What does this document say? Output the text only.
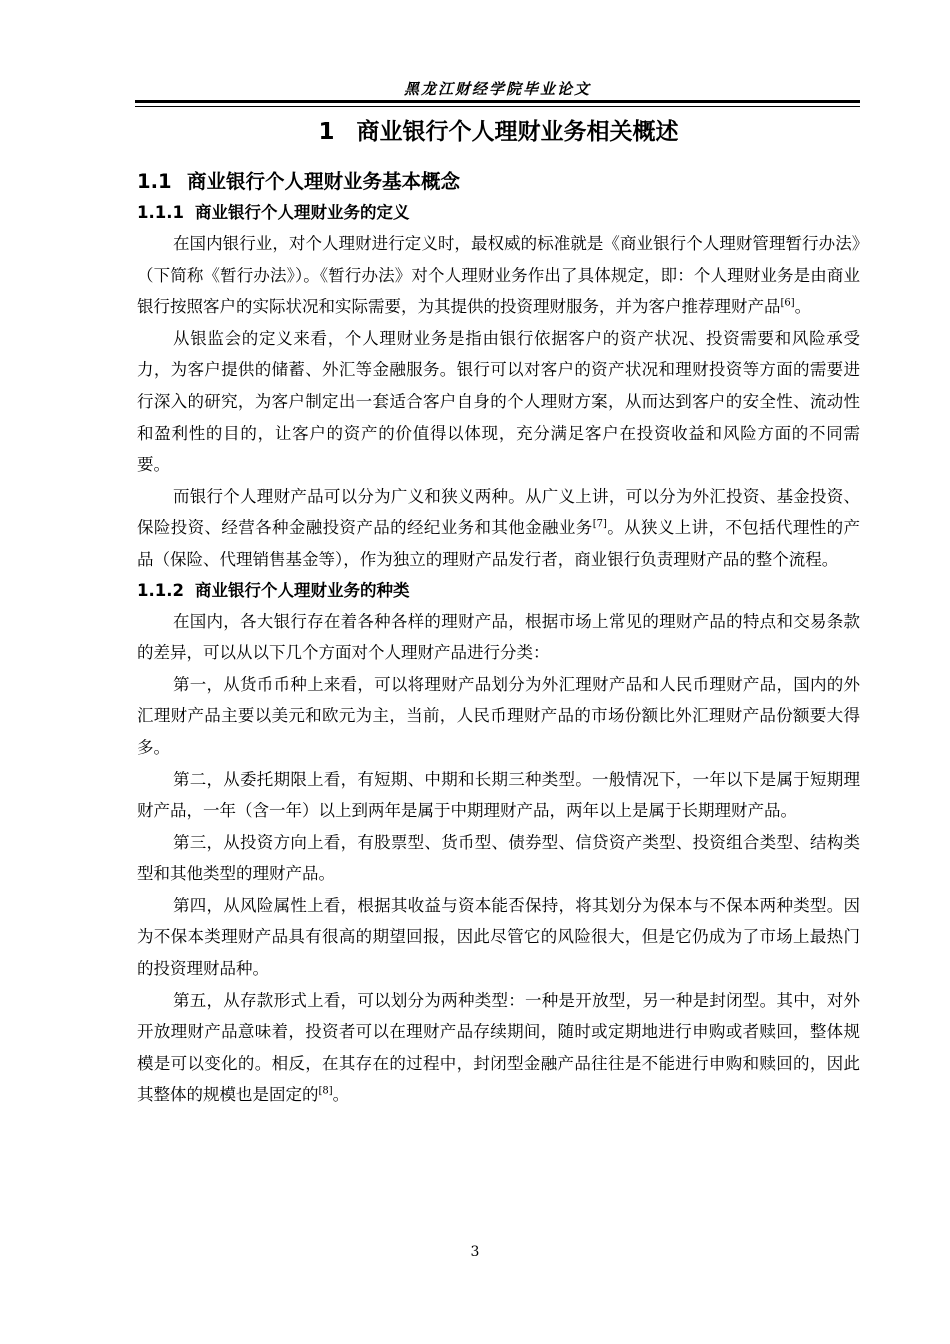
黑龙江财经学院毕业论文
1 商业银行个人理财业务相关概述
1.1 商业银行个人理财业务基本概念
1.1.1 商业银行个人理财业务的定义

在国内银行业，对个人理财进行定义时，最权威的标准就是《商业银行个人理财管理暂行办法》（下简称《暂行办法》）。《暂行办法》对个人理财业务作出了具体规定，即：个人理财业务是由商业银行按照客户的实际状况和实际需要，为其提供的投资理财服务，并为客户推荐理财产品[6]。

从银监会的定义来看，个人理财业务是指由银行依据客户的资产状况、投资需要和风险承受力，为客户提供的储蓄、外汇等金融服务。银行可以对客户的资产状况和理财投资等方面的需要进行深入的研究，为客户制定出一套适合客户自身的个人理财方案，从而达到客户的安全性、流动性和盈利性的目的，让客户的资产的价值得以体现，充分满足客户在投资收益和风险方面的不同需要。

而银行个人理财产品可以分为广义和狭义两种。从广义上讲，可以分为外汇投资、基金投资、保险投资、经营各种金融投资产品的经纪业务和其他金融业务[7]。从狭义上讲，不包括代理性的产品（保险、代理销售基金等），作为独立的理财产品发行者，商业银行负责理财产品的整个流程。

1.1.2 商业银行个人理财业务的种类

在国内，各大银行存在着各种各样的理财产品，根据市场上常见的理财产品的特点和交易条款的差异，可以从以下几个方面对个人理财产品进行分类：

第一，从货币币种上来看，可以将理财产品划分为外汇理财产品和人民币理财产品，国内的外汇理财产品主要以美元和欧元为主，当前，人民币理财产品的市场份额比外汇理财产品份额要大得多。

第二，从委托期限上看，有短期、中期和长期三种类型。一般情况下，一年以下是属于短期理财产品，一年（含一年）以上到两年是属于中期理财产品，两年以上是属于长期理财产品。

第三，从投资方向上看，有股票型、货币型、债券型、信贷资产类型、投资组合类型、结构类型和其他类型的理财产品。

第四，从风险属性上看，根据其收益与资本能否保持，将其划分为保本与不保本两种类型。因为不保本类理财产品具有很高的期望回报，因此尽管它的风险很大，但是它仍成为了市场上最热门的投资理财品种。

第五，从存款形式上看，可以划分为两种类型：一种是开放型，另一种是封闭型。其中，对外开放理财产品意味着，投资者可以在理财产品存续期间，随时或定期地进行申购或者赎回，整体规模是可以变化的。相反，在其存在的过程中，封闭型金融产品往往是不能进行申购和赎回的，因此其整体的规模也是固定的[8]。

3
